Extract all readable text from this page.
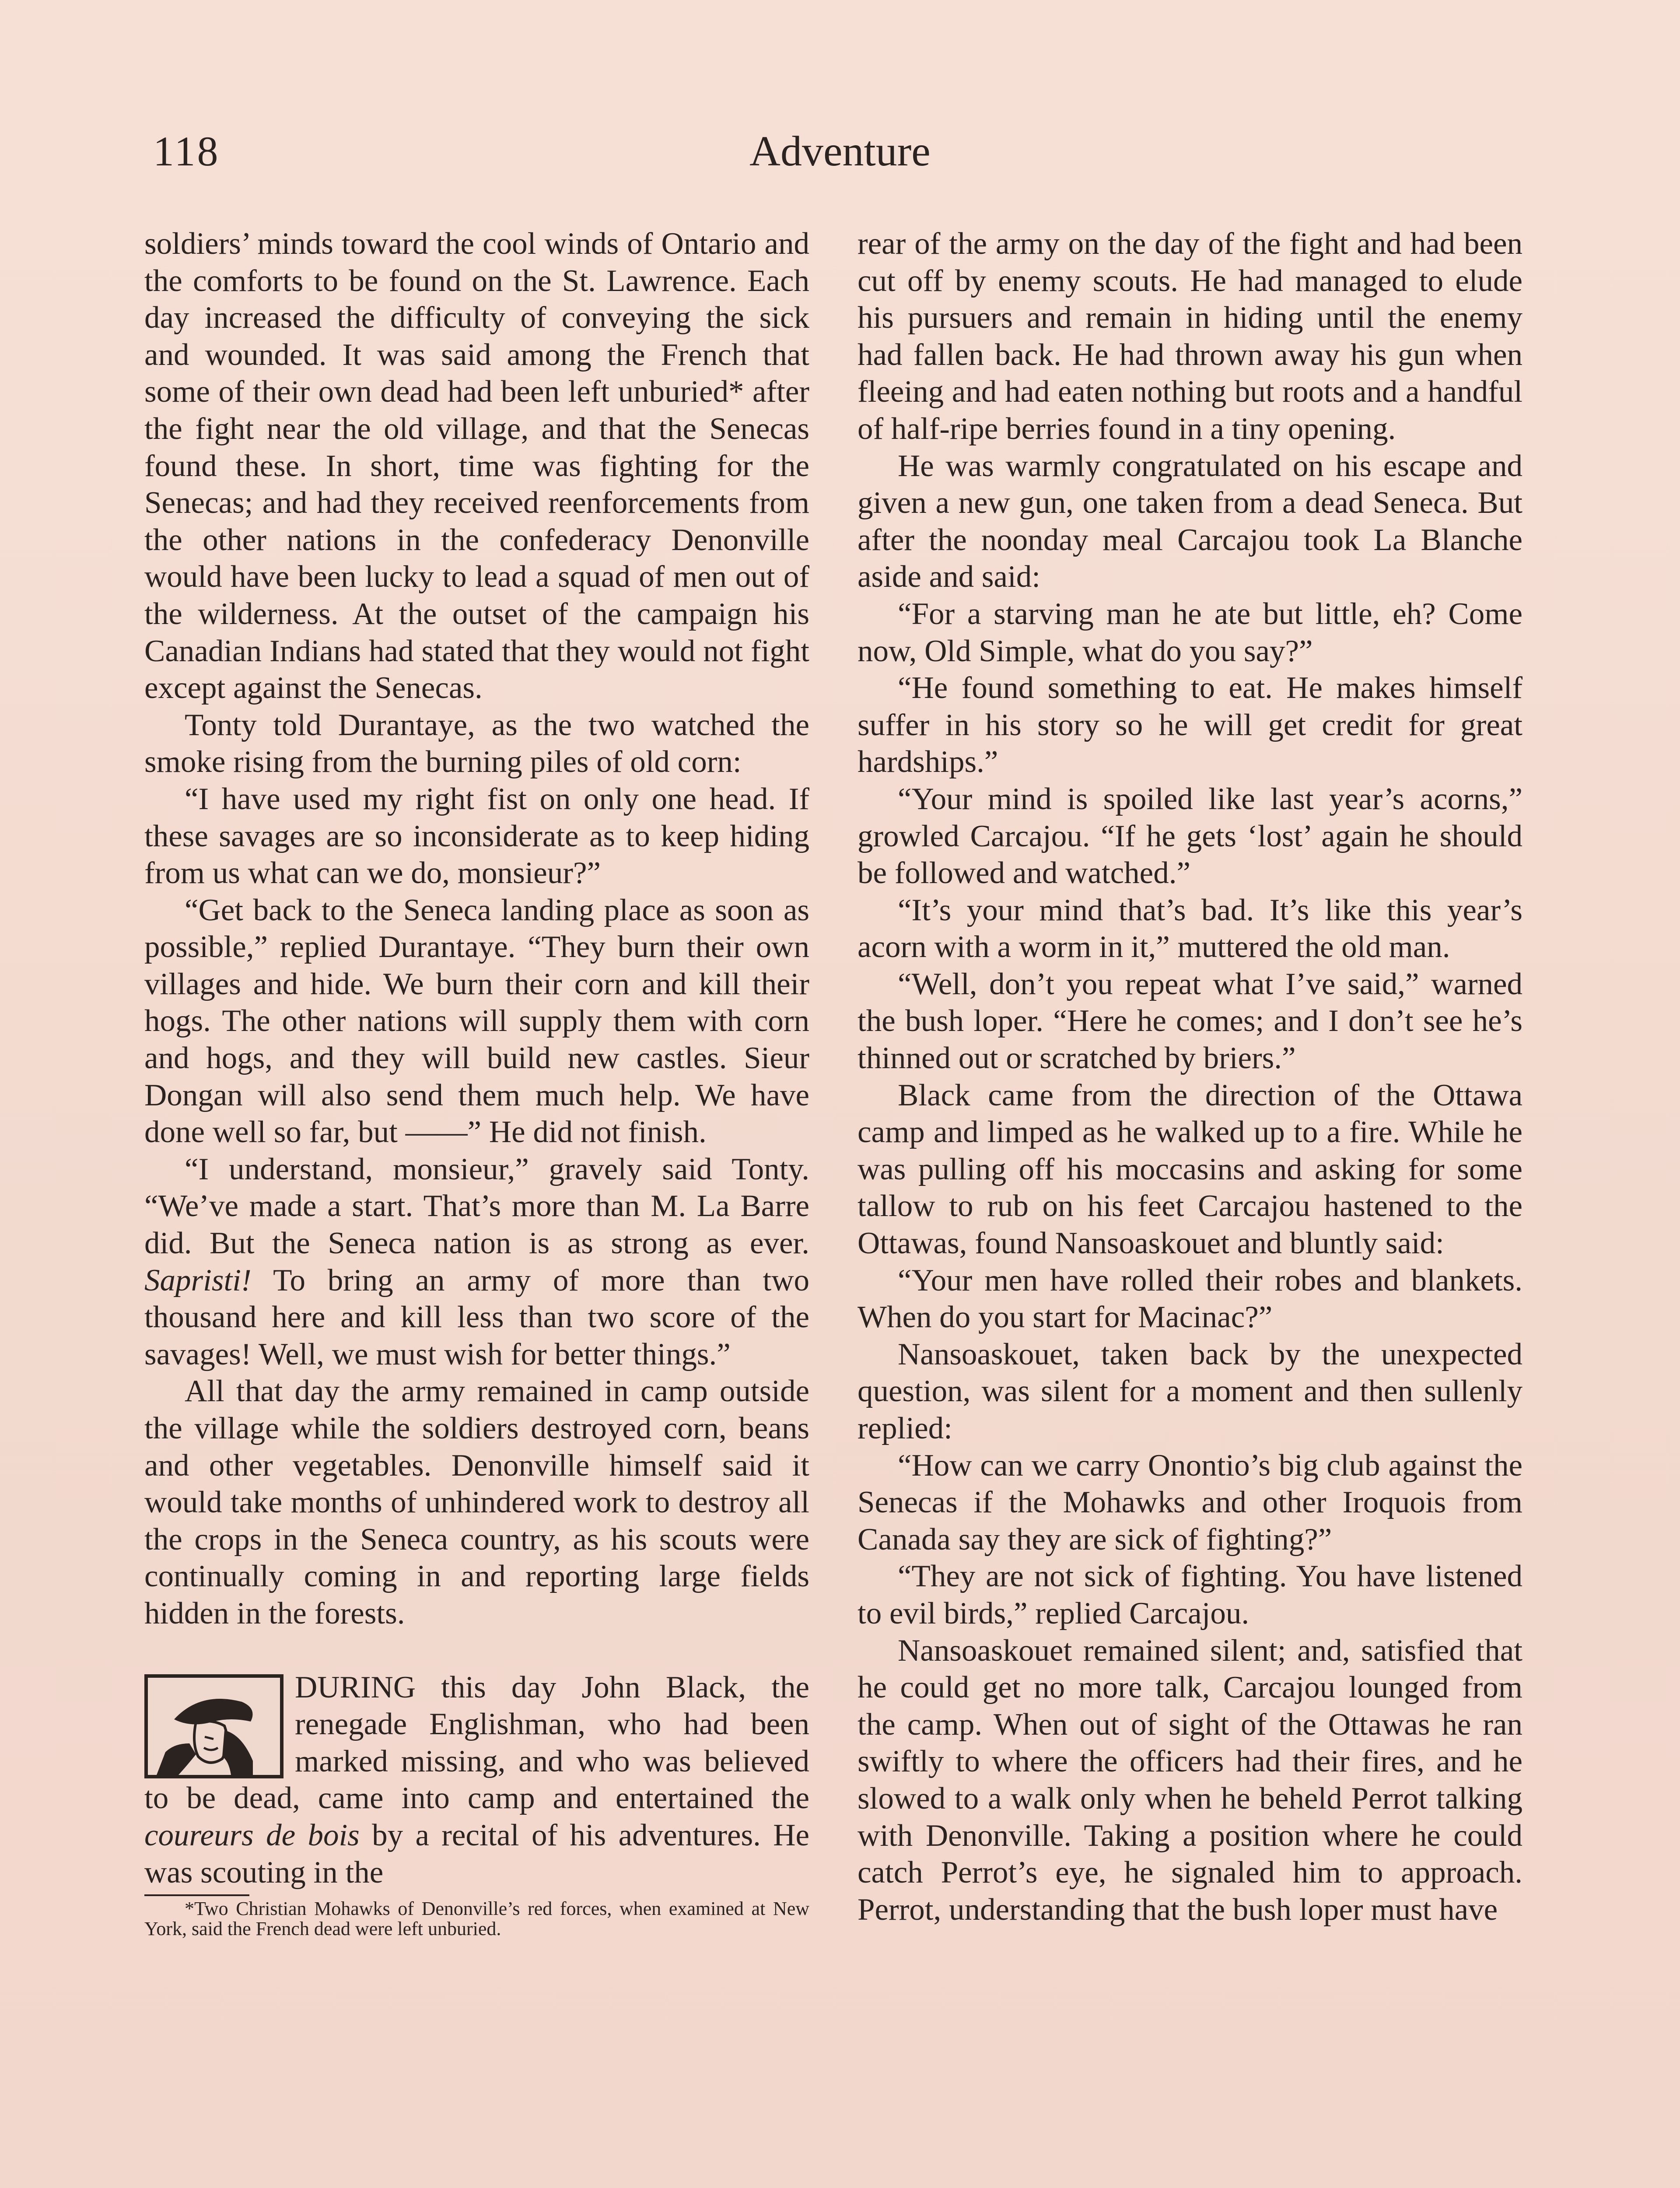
118	Adventure

soldiers’ minds toward the cool winds of Ontario and the comforts to be found on the St. Lawrence. Each day increased the difficulty of conveying the sick and wounded. It was said among the French that some of their own dead had been left unburied* after the fight near the old village, and that the Senecas found these. In short, time was fighting for the Senecas; and had they received reenforcements from the other nations in the confederacy Denonville would have been lucky to lead a squad of men out of the wilderness. At the outset of the campaign his Canadian Indians had stated that they would not fight except against the Senecas.

Tonty told Durantaye, as the two watched the smoke rising from the burning piles of old corn:

“I have used my right fist on only one head. If these savages are so inconsiderate as to keep hiding from us what can we do, monsieur?”

“Get back to the Seneca landing place as soon as possible,” replied Durantaye. “They burn their own villages and hide. We burn their corn and kill their hogs. The other nations will supply them with corn and hogs, and they will build new castles. Sieur Dongan will also send them much help. We have done well so far, but ——” He did not finish.

“I understand, monsieur,” gravely said Tonty. “We’ve made a start. That’s more than M. La Barre did. But the Seneca nation is as strong as ever. Sapristi! To bring an army of more than two thousand here and kill less than two score of the savages! Well, we must wish for better things.”

All that day the army remained in camp outside the village while the soldiers destroyed corn, beans and other vegetables. Denonville himself said it would take months of unhindered work to destroy all the crops in the Seneca country, as his scouts were continually coming in and reporting large fields hidden in the forests.

DURING this day John Black, the renegade Englishman, who had been marked missing, and who was believed to be dead, came into camp and entertained the coureurs de bois by a recital of his adventures. He was scouting in the

*Two Christian Mohawks of Denonville’s red forces, when examined at New York, said the French dead were left unburied.

rear of the army on the day of the fight and had been cut off by enemy scouts. He had managed to elude his pursuers and remain in hiding until the enemy had fallen back. He had thrown away his gun when fleeing and had eaten nothing but roots and a handful of half-ripe berries found in a tiny opening.

He was warmly congratulated on his escape and given a new gun, one taken from a dead Seneca. But after the noonday meal Carcajou took La Blanche aside and said:

“For a starving man he ate but little, eh? Come now, Old Simple, what do you say?”

“He found something to eat. He makes himself suffer in his story so he will get credit for great hardships.”

“Your mind is spoiled like last year’s acorns,” growled Carcajou. “If he gets ‘lost’ again he should be followed and watched.”

“It’s your mind that’s bad. It’s like this year’s acorn with a worm in it,” muttered the old man.

“Well, don’t you repeat what I’ve said,” warned the bush loper. “Here he comes; and I don’t see he’s thinned out or scratched by briers.”

Black came from the direction of the Ottawa camp and limped as he walked up to a fire. While he was pulling off his moccasins and asking for some tallow to rub on his feet Carcajou hastened to the Ottawas, found Nansoaskouet and bluntly said:

“Your men have rolled their robes and blankets. When do you start for Macinac?”

Nansoaskouet, taken back by the unexpected question, was silent for a moment and then sullenly replied:

“How can we carry Onontio’s big club against the Senecas if the Mohawks and other Iroquois from Canada say they are sick of fighting?”

“They are not sick of fighting. You have listened to evil birds,” replied Carcajou.

Nansoaskouet remained silent; and, satisfied that he could get no more talk, Carcajou lounged from the camp. When out of sight of the Ottawas he ran swiftly to where the officers had their fires, and he slowed to a walk only when he beheld Perrot talking with Denonville. Taking a position where he could catch Perrot’s eye, he signaled him to approach. Perrot, understanding that the bush loper must have
